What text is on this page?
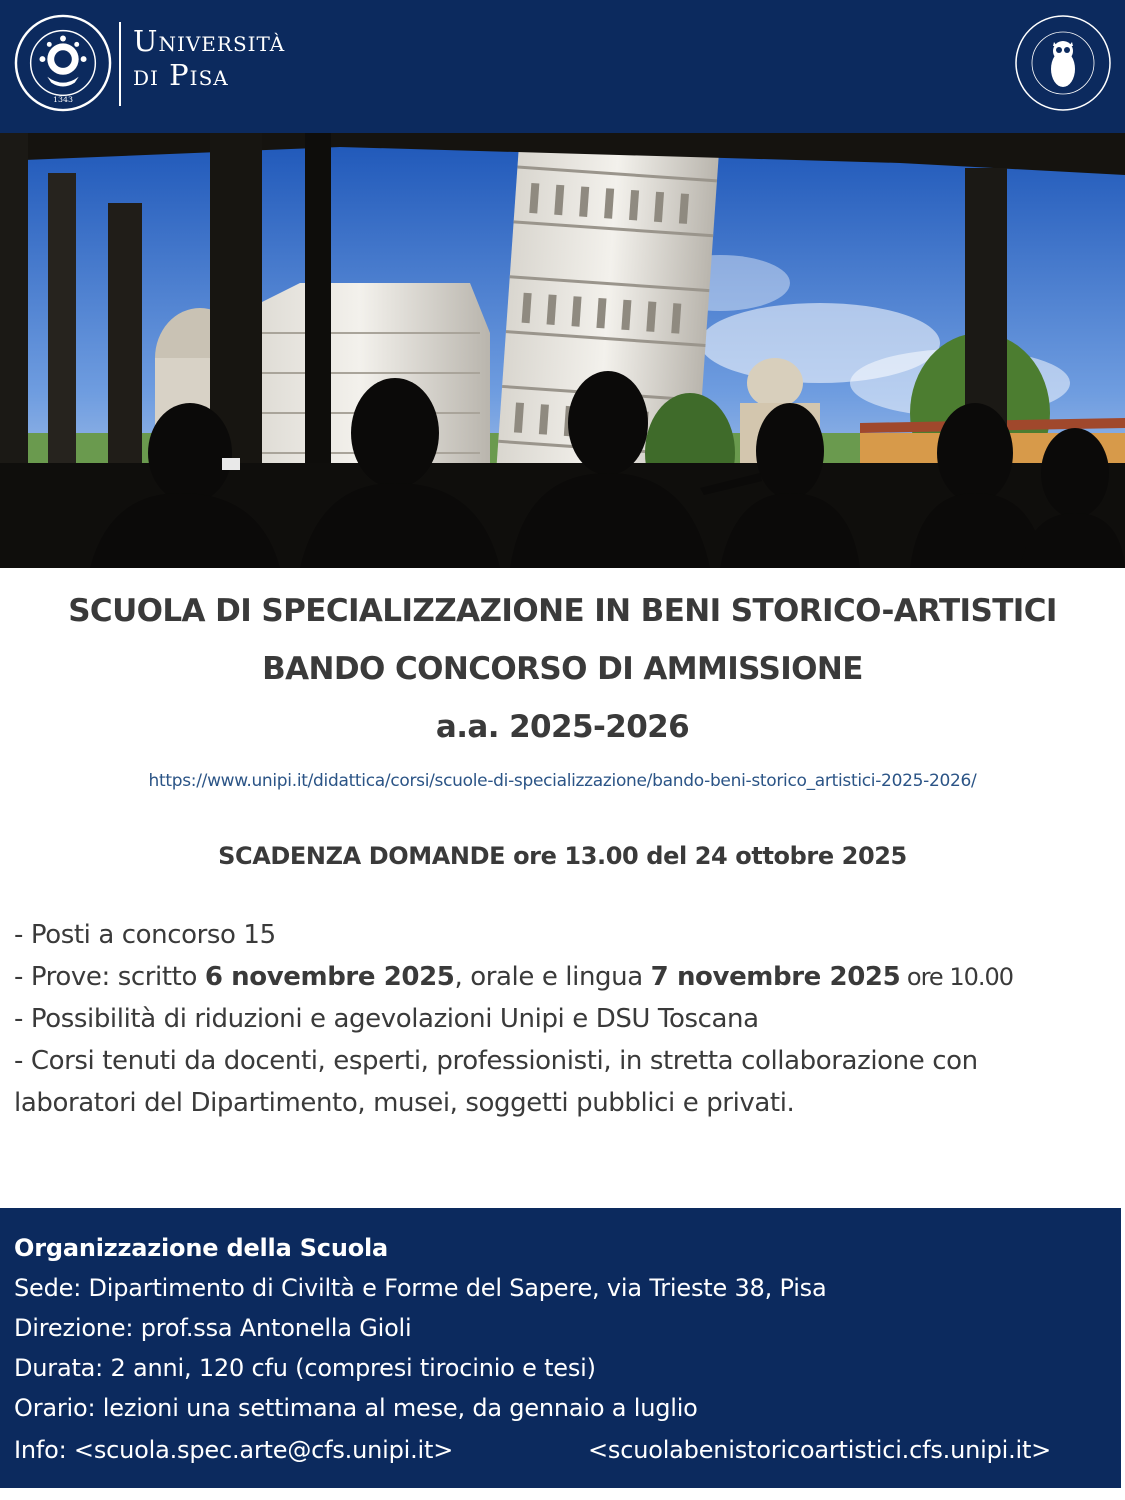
1343
Università
di Pisa
SCUOLA DI SPECIALIZZAZIONE IN BENI STORICO-ARTISTICI
BANDO CONCORSO DI AMMISSIONE
a.a. 2025-2026
https://www.unipi.it/didattica/corsi/scuole-di-specializzazione/bando-beni-storico_artistici-2025-2026/
SCADENZA DOMANDE ore 13.00 del 24 ottobre 2025
- Posti a concorso 15
- Prove: scritto 6 novembre 2025, orale e lingua 7 novembre 2025 ore 10.00
- Possibilità di riduzioni e agevolazioni Unipi e DSU Toscana
- Corsi tenuti da docenti, esperti, professionisti, in stretta collaborazione con laboratori del Dipartimento, musei, soggetti pubblici e privati.
Organizzazione della Scuola
Sede: Dipartimento di Civiltà e Forme del Sapere, via Trieste 38, Pisa
Direzione: prof.ssa Antonella Gioli
Durata: 2 anni, 120 cfu (compresi tirocinio e tesi)
Orario: lezioni una settimana al mese, da gennaio a luglio
Info: <scuola.spec.arte@cfs.unipi.it>	<scuolabenistoricoartistici.cfs.unipi.it>
